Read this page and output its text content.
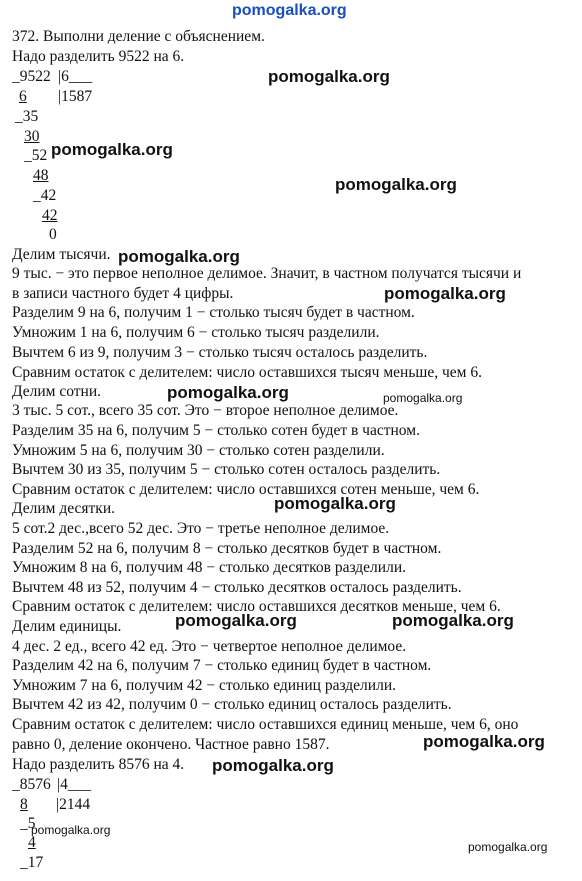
pomogalka.org
372. Выполни деление с объяснением.
Надо разделить 9522 на 6.
_9522 |6___
6 |1587
_35
30
_52
48
_42
42
0
Делим тысячи.
9 тыс. − это первое неполное делимое. Значит, в частном получатся тысячи и
в записи частного будет 4 цифры.
Разделим 9 на 6, получим 1 − столько тысяч будет в частном.
Умножим 1 на 6, получим 6 − столько тысяч разделили.
Вычтем 6 из 9, получим 3 − столько тысяч осталось разделить.
Сравним остаток с делителем: число оставшихся тысяч меньше, чем 6.
Делим сотни.
3 тыс. 5 сот., всего 35 сот. Это − второе неполное делимое.
Разделим 35 на 6, получим 5 − столько сотен будет в частном.
Умножим 5 на 6, получим 30 − столько сотен разделили.
Вычтем 30 из 35, получим 5 − столько сотен осталось разделить.
Сравним остаток с делителем: число оставшихся сотен меньше, чем 6.
Делим десятки.
5 сот.2 дес.,всего 52 дес. Это − третье неполное делимое.
Разделим 52 на 6, получим 8 − столько десятков будет в частном.
Умножим 8 на 6, получим 48 − столько десятков разделили.
Вычтем 48 из 52, получим 4 − столько десятков осталось разделить.
Сравним остаток с делителем: число оставшихся десятков меньше, чем 6.
Делим единицы.
4 дес. 2 ед., всего 42 ед. Это − четвертое неполное делимое.
Разделим 42 на 6, получим 7 − столько единиц будет в частном.
Умножим 7 на 6, получим 42 − столько единиц разделили.
Вычтем 42 из 42, получим 0 − столько единиц осталось разделить.
Сравним остаток с делителем: число оставшихся единиц меньше, чем 6, оно
равно 0, деление окончено. Частное равно 1587.
Надо разделить 8576 на 4.
_8576 |4___
8 |2144
_5
4
_17
pomogalka.org
pomogalka.org
pomogalka.org
pomogalka.org
pomogalka.org
pomogalka.org	pomogalka.org
pomogalka.org
pomogalka.org	pomogalka.org
pomogalka.org
pomogalka.org
pomogalka.org
pomogalka.org
